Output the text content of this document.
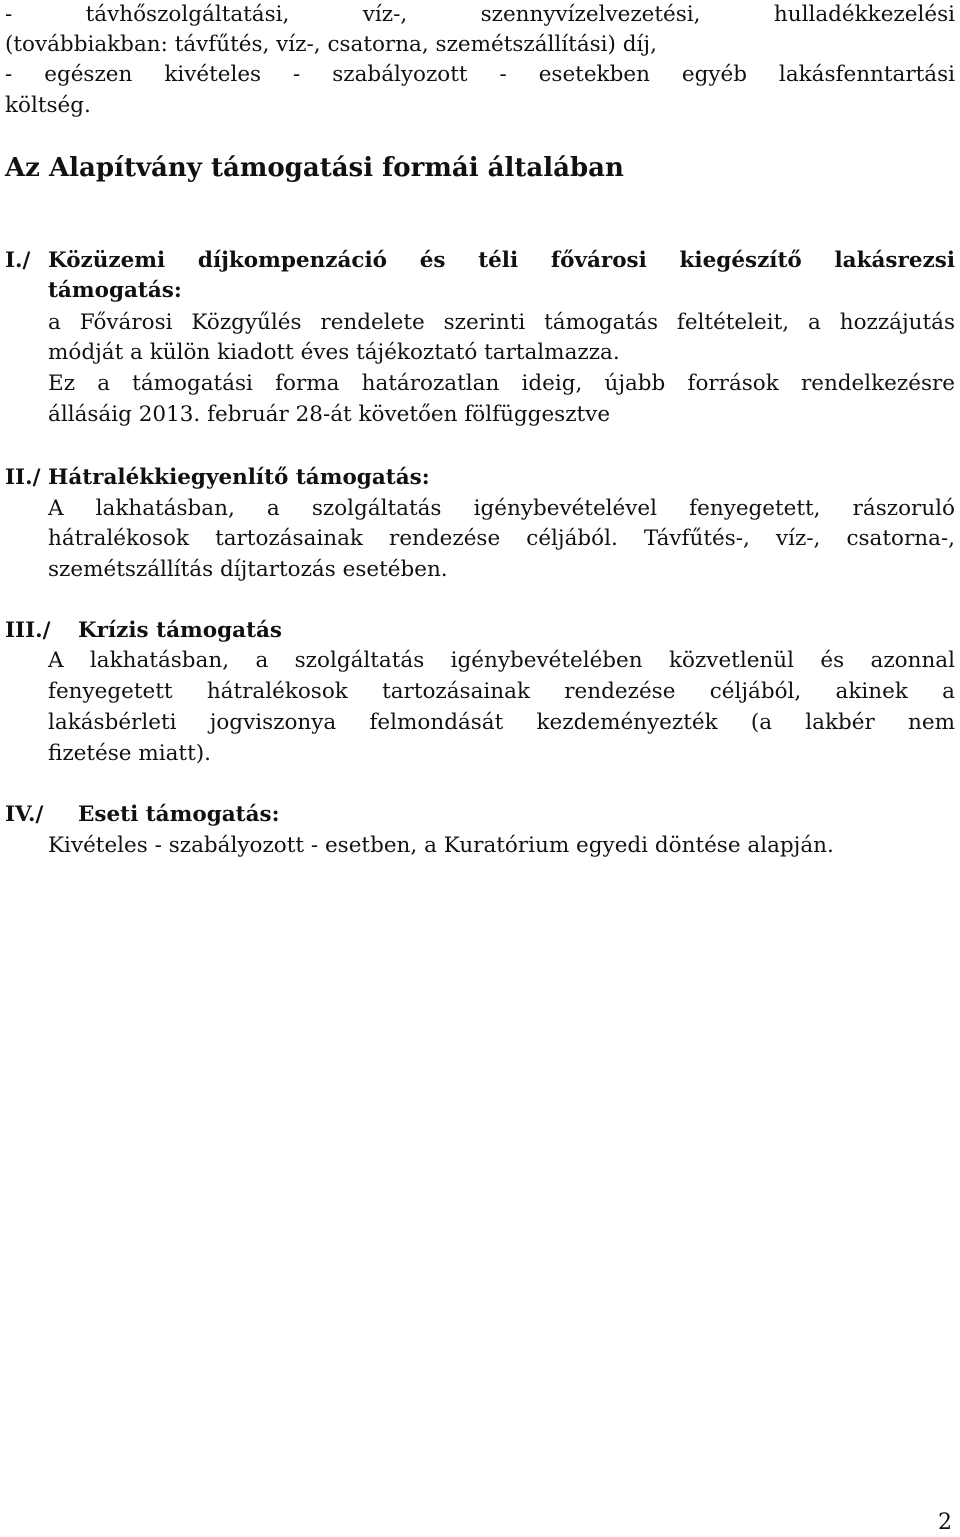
- távhőszolgáltatási, víz-, szennyvízelvezetési, hulladékkezelési
(továbbiakban: távfűtés, víz-, csatorna, szemétszállítási) díj,
- egészen kivételes - szabályozott - esetekben egyéb lakásfenntartási
költség.
Az Alapítvány támogatási formái általában
I./ Közüzemi díjkompenzáció és téli fővárosi kiegészítő lakásrezsi
támogatás:
a Fővárosi Közgyűlés rendelete szerinti támogatás feltételeit, a hozzájutás
módját a külön kiadott éves tájékoztató tartalmazza.
Ez a támogatási forma határozatlan ideig, újabb források rendelkezésre
állásáig 2013. február 28-át követően fölfüggesztve
II./ Hátralékkiegyenlítő támogatás:
A lakhatásban, a szolgáltatás igénybevételével fenyegetett, rászoruló
hátralékosok tartozásainak rendezése céljából. Távfűtés-, víz-, csatorna-,
szemétszállítás díjtartozás esetében.
III./ Krízis támogatás
A lakhatásban, a szolgáltatás igénybevételében közvetlenül és azonnal
fenyegetett hátralékosok tartozásainak rendezése céljából, akinek a
lakásbérleti jogviszonya felmondását kezdeményezték (a lakbér nem
fizetése miatt).
IV./ Eseti támogatás:
Kivételes - szabályozott - esetben, a Kuratórium egyedi döntése alapján.
2
